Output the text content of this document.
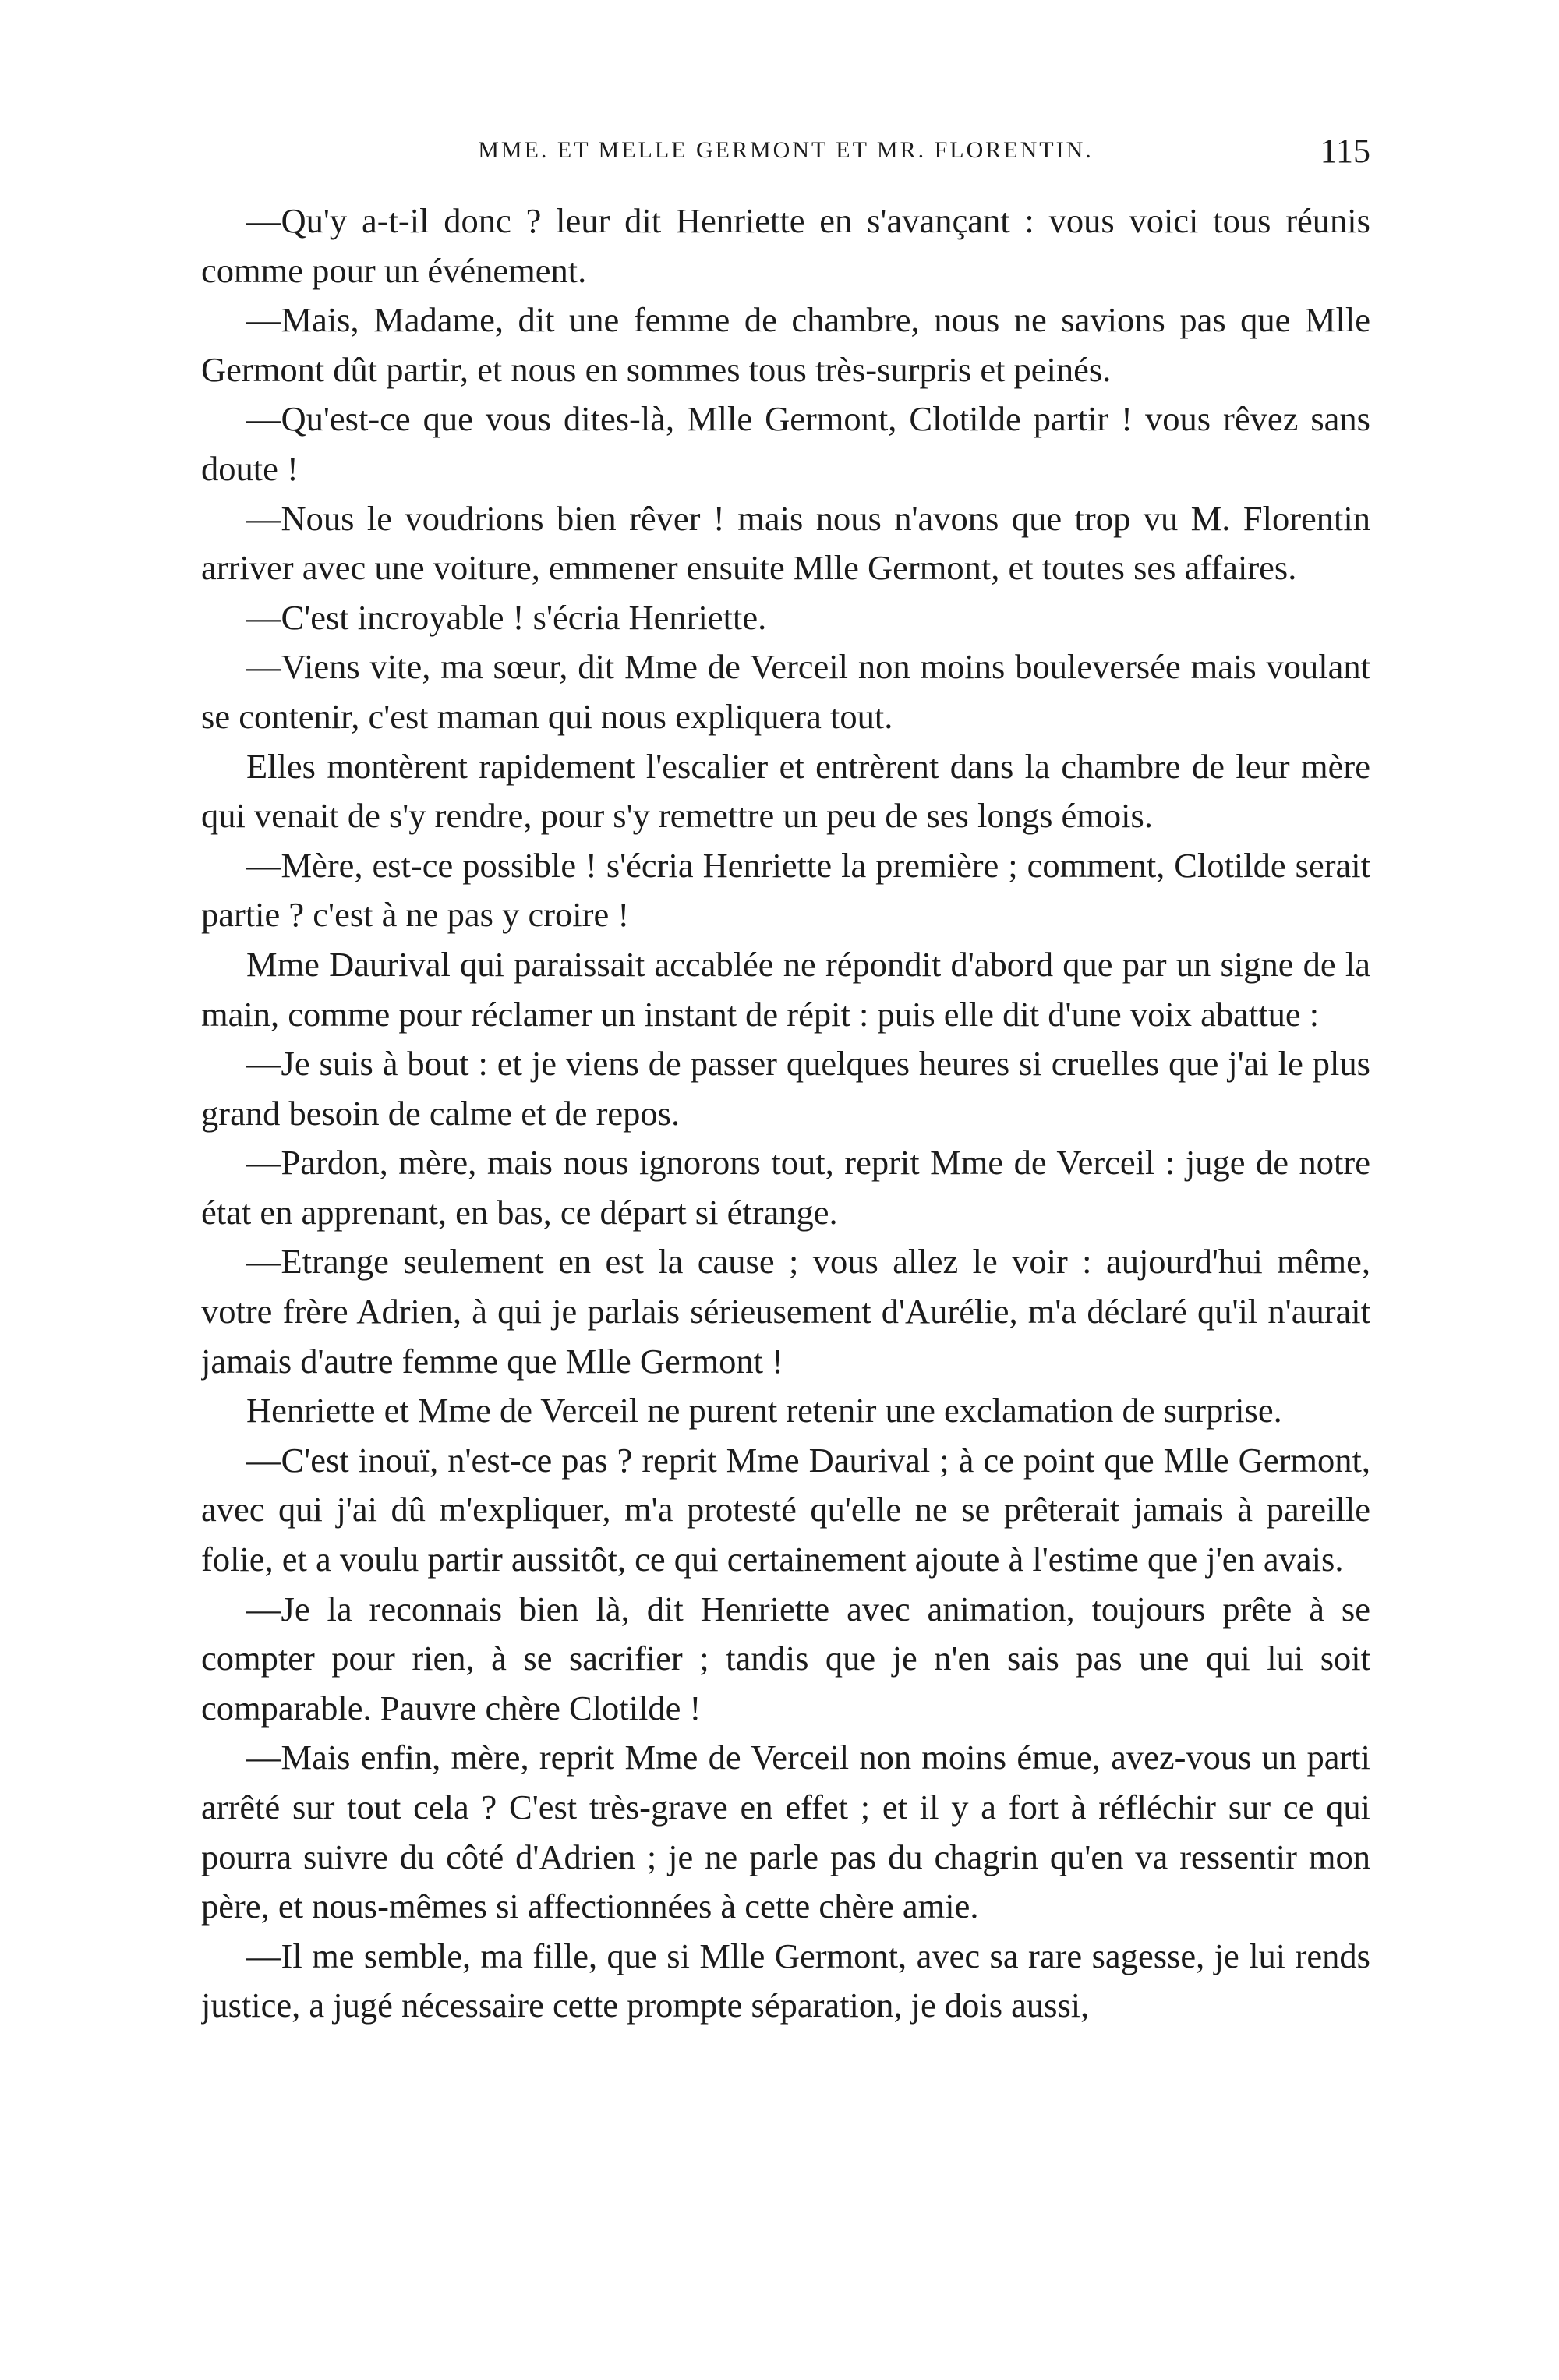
MME. ET MELLE GERMONT ET MR. FLORENTIN.	115

—Qu'y a-t-il donc ? leur dit Henriette en s'avançant : vous voici tous réunis comme pour un événement.

—Mais, Madame, dit une femme de chambre, nous ne savions pas que Mlle Germont dût partir, et nous en sommes tous très-surpris et peinés.

—Qu'est-ce que vous dites-là, Mlle Germont, Clotilde partir ! vous rêvez sans doute !

—Nous le voudrions bien rêver ! mais nous n'avons que trop vu M. Florentin arriver avec une voiture, emmener ensuite Mlle Germont, et toutes ses affaires.

—C'est incroyable ! s'écria Henriette.

—Viens vite, ma sœur, dit Mme de Verceil non moins bouleversée mais voulant se contenir, c'est maman qui nous expliquera tout.

Elles montèrent rapidement l'escalier et entrèrent dans la chambre de leur mère qui venait de s'y rendre, pour s'y remettre un peu de ses longs émois.

—Mère, est-ce possible ! s'écria Henriette la première ; comment, Clotilde serait partie ? c'est à ne pas y croire !

Mme Daurival qui paraissait accablée ne répondit d'abord que par un signe de la main, comme pour réclamer un instant de répit : puis elle dit d'une voix abattue :

—Je suis à bout : et je viens de passer quelques heures si cruelles que j'ai le plus grand besoin de calme et de repos.

—Pardon, mère, mais nous ignorons tout, reprit Mme de Verceil : juge de notre état en apprenant, en bas, ce départ si étrange.

—Etrange seulement en est la cause ; vous allez le voir : aujourd'hui même, votre frère Adrien, à qui je parlais sérieusement d'Aurélie, m'a déclaré qu'il n'aurait jamais d'autre femme que Mlle Germont !

Henriette et Mme de Verceil ne purent retenir une exclamation de surprise.

—C'est inouï, n'est-ce pas ? reprit Mme Daurival ; à ce point que Mlle Germont, avec qui j'ai dû m'expliquer, m'a protesté qu'elle ne se prêterait jamais à pareille folie, et a voulu partir aussitôt, ce qui certainement ajoute à l'estime que j'en avais.

—Je la reconnais bien là, dit Henriette avec animation, toujours prête à se compter pour rien, à se sacrifier ; tandis que je n'en sais pas une qui lui soit comparable. Pauvre chère Clotilde !

—Mais enfin, mère, reprit Mme de Verceil non moins émue, avez-vous un parti arrêté sur tout cela ? C'est très-grave en effet ; et il y a fort à réfléchir sur ce qui pourra suivre du côté d'Adrien ; je ne parle pas du chagrin qu'en va ressentir mon père, et nous-mêmes si affectionnées à cette chère amie.

—Il me semble, ma fille, que si Mlle Germont, avec sa rare sagesse, je lui rends justice, a jugé nécessaire cette prompte séparation, je dois aussi,
